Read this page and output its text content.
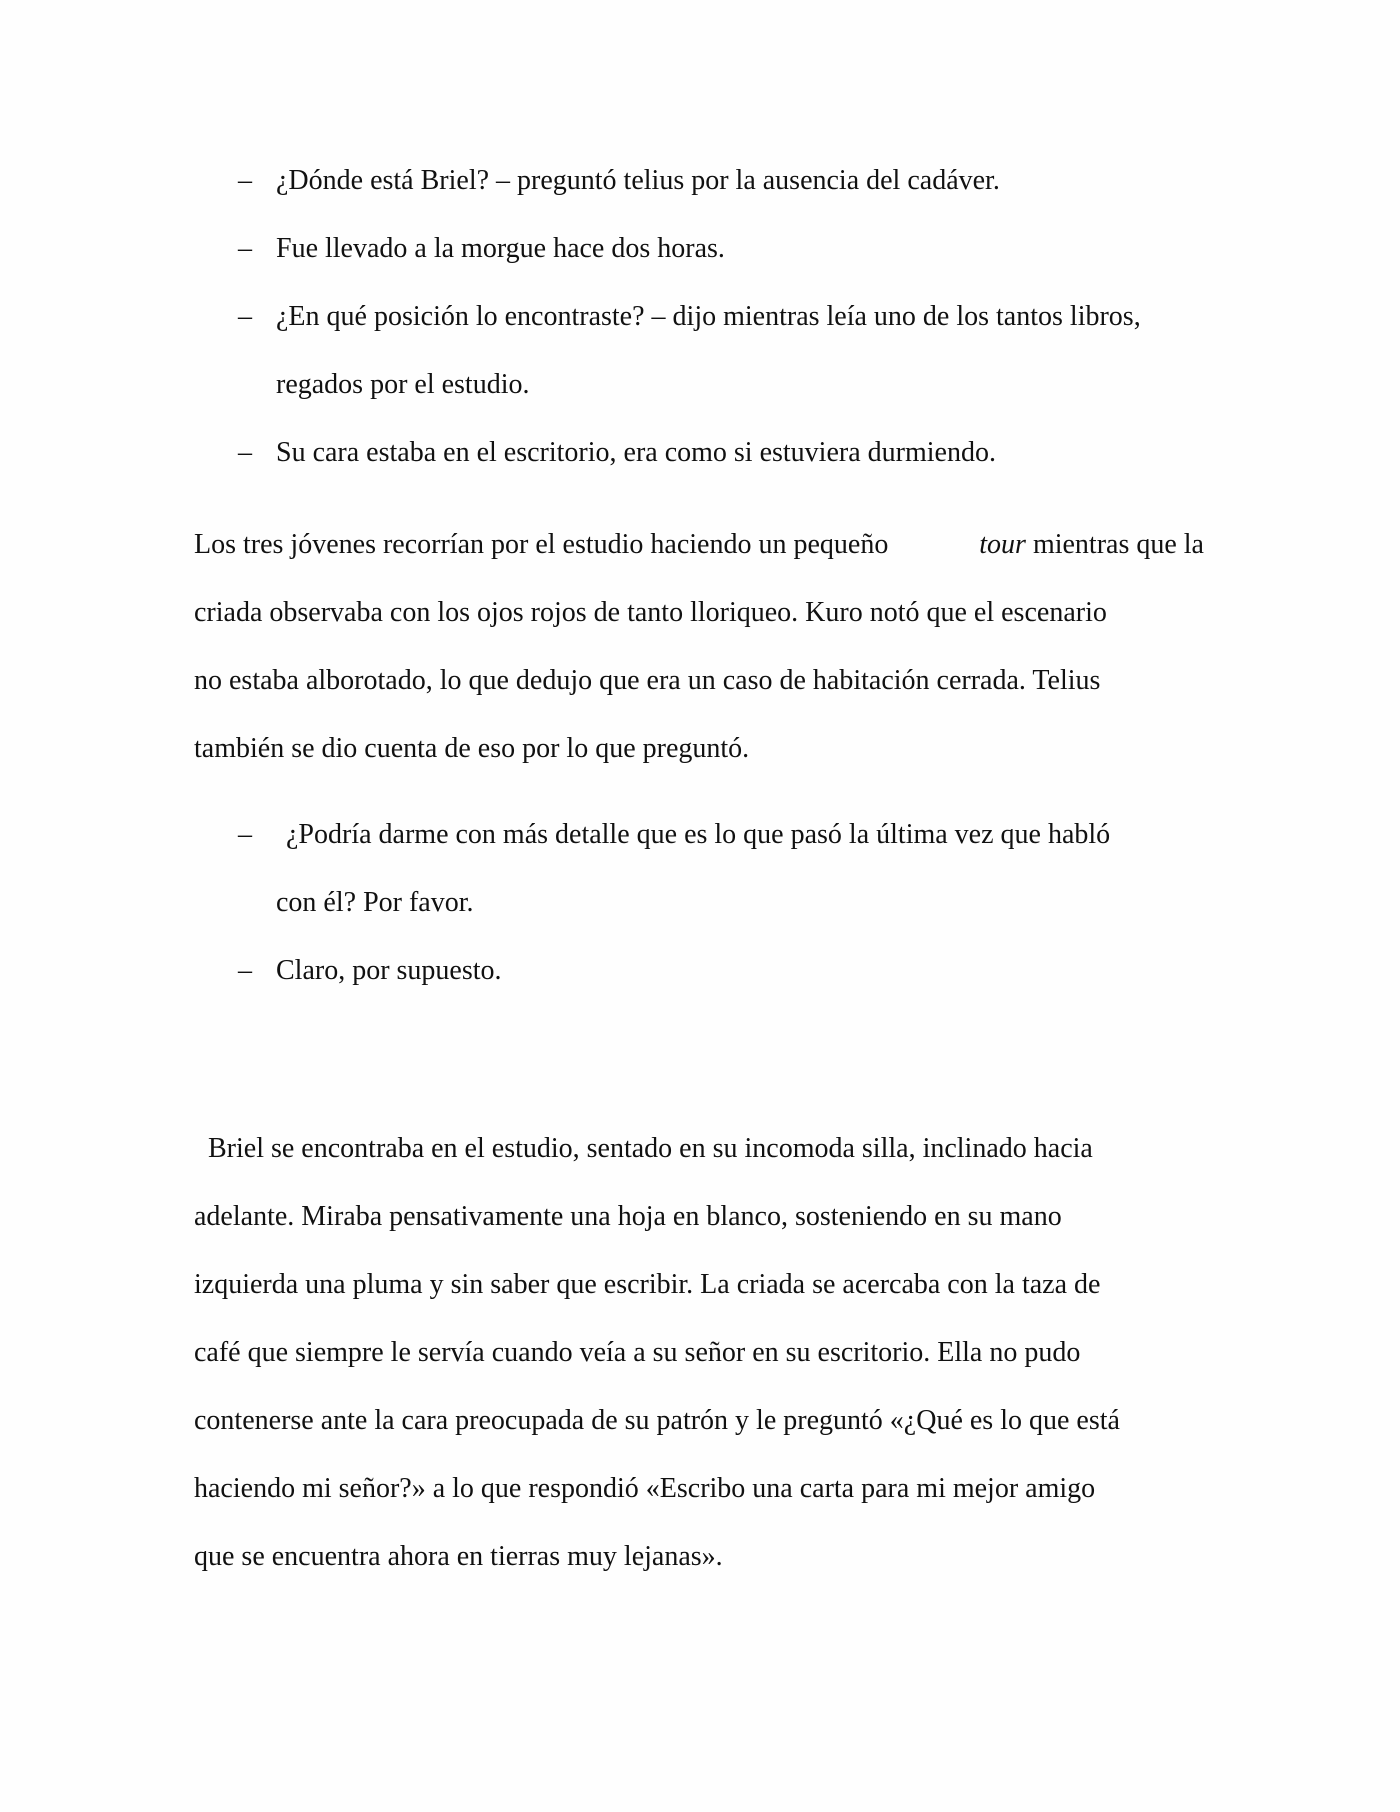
– ¿Dónde está Briel? – preguntó telius por la ausencia del cadáver.
– Fue llevado a la morgue hace dos horas.
– ¿En qué posición lo encontraste? – dijo mientras leía uno de los tantos libros,
regados por el estudio.
– Su cara estaba en el escritorio, era como si estuviera durmiendo.
Los tres jóvenes recorrían por el estudio haciendo un pequeño	tour mientras que la
criada observaba con los ojos rojos de tanto lloriqueo. Kuro notó que el escenario
no estaba alborotado, lo que dedujo que era un caso de habitación cerrada. Telius
también se dio cuenta de eso por lo que preguntó.
– ¿Podría darme con más detalle que es lo que pasó la última vez que habló
con él? Por favor.
– Claro, por supuesto.
Briel se encontraba en el estudio, sentado en su incomoda silla, inclinado hacia
adelante. Miraba pensativamente una hoja en blanco, sosteniendo en su mano
izquierda una pluma y sin saber que escribir. La criada se acercaba con la taza de
café que siempre le servía cuando veía a su señor en su escritorio. Ella no pudo
contenerse ante la cara preocupada de su patrón y le preguntó «¿Qué es lo que está
haciendo mi señor?» a lo que respondió «Escribo una carta para mi mejor amigo
que se encuentra ahora en tierras muy lejanas».
